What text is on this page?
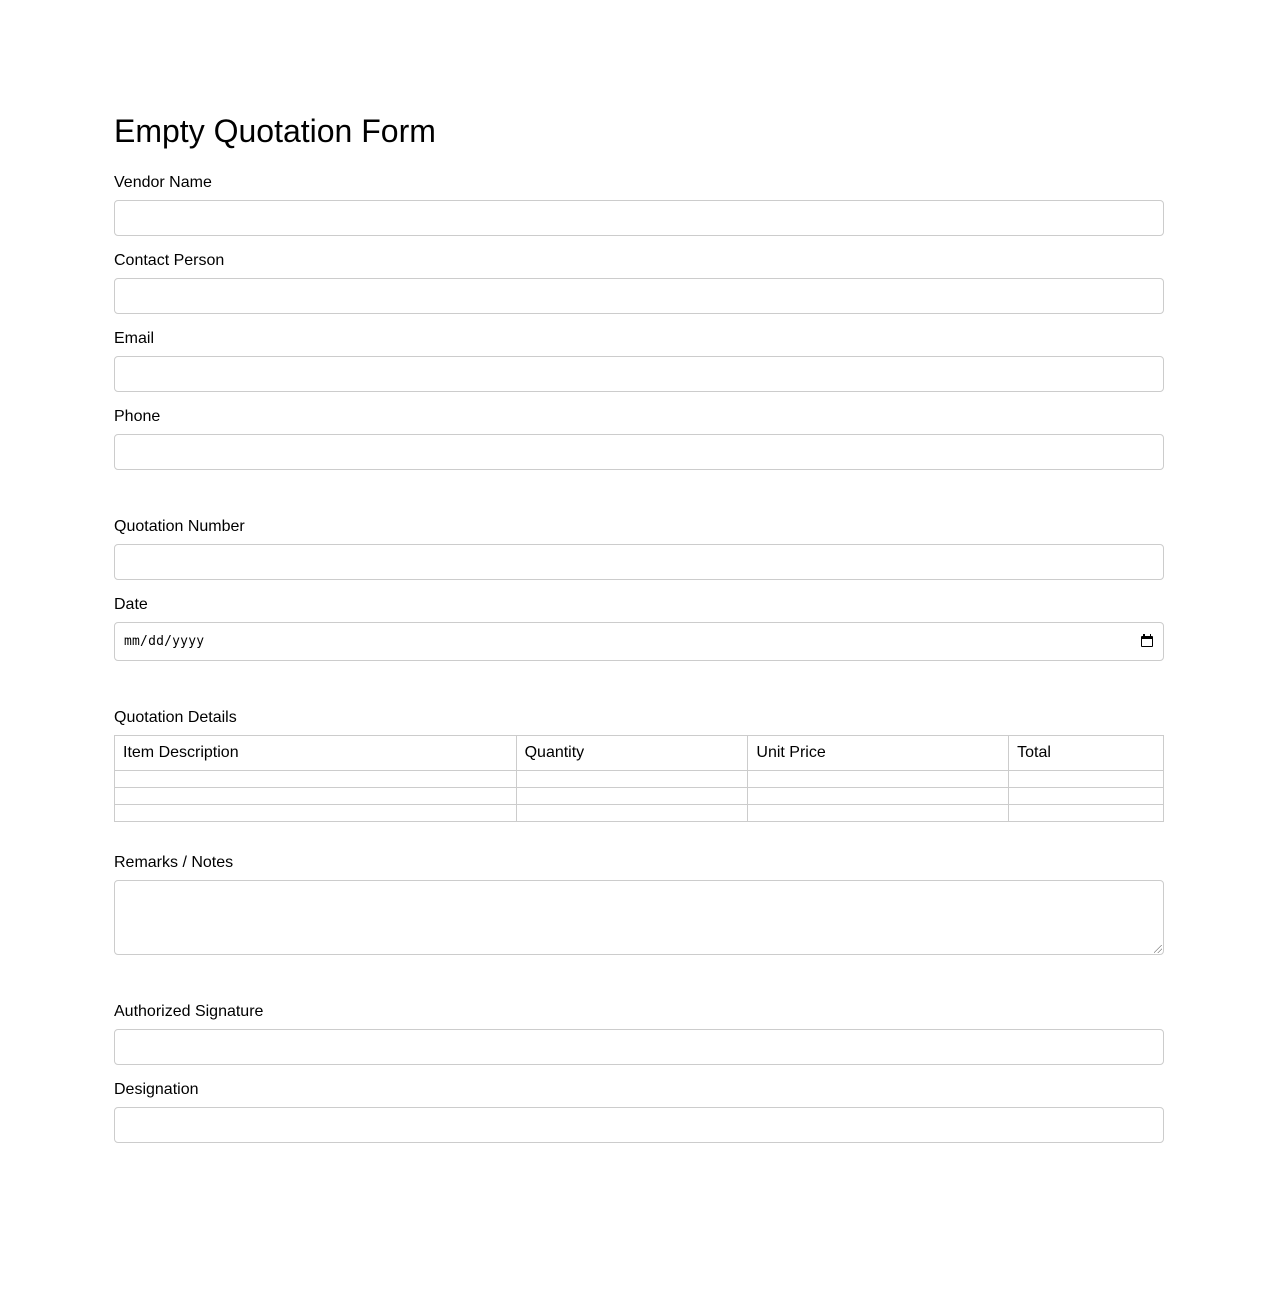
Empty Quotation Form
Vendor Name
Contact Person
Email
Phone
Quotation Number
Date
mm/dd/yyyy
Quotation Details
Item Description	Quantity	Unit Price	Total

Remarks / Notes
Authorized Signature
Designation
